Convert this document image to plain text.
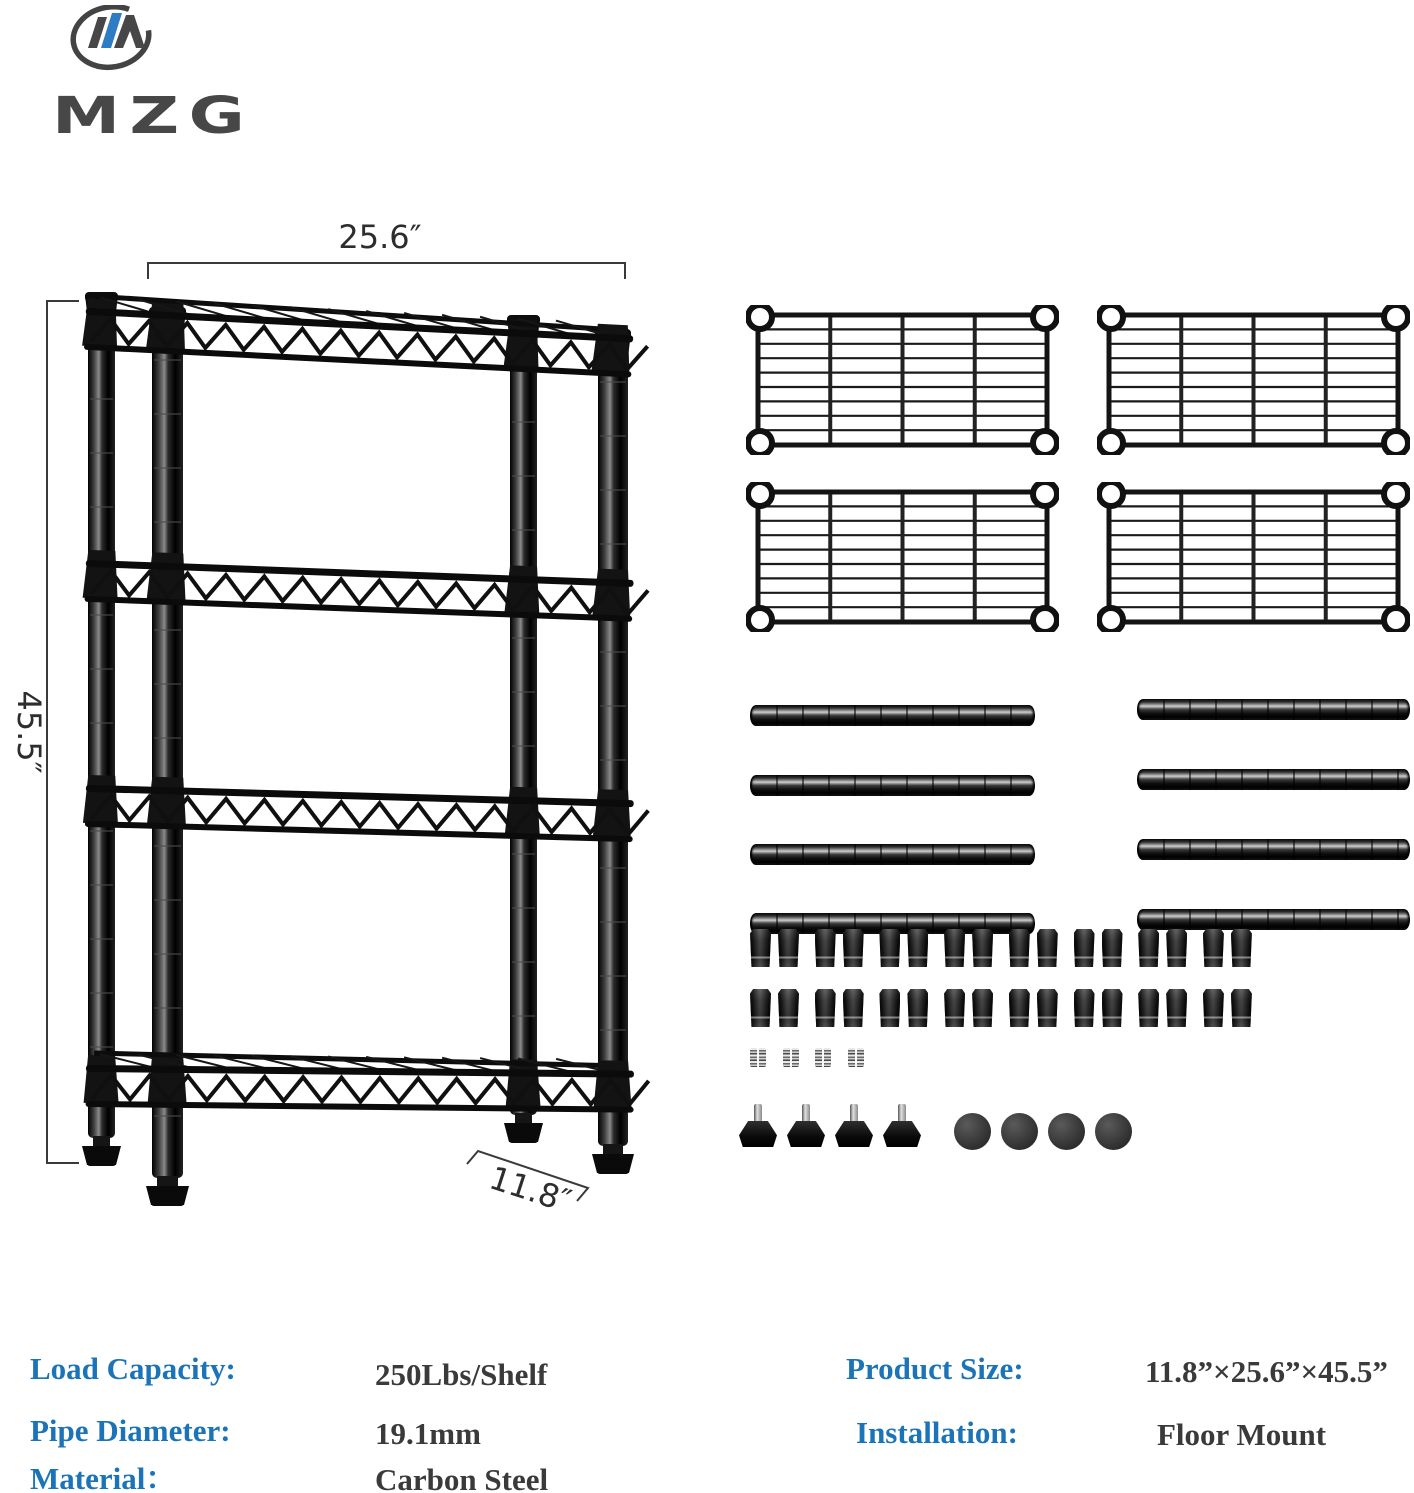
MZG
25.6″
45.5″
11.8″
Load Capacity:	250Lbs/Shelf
Pipe Diameter:	19.1mm
Material：	Carbon Steel
Product Size:	11.8”×25.6”×45.5”
Installation:	Floor Mount
